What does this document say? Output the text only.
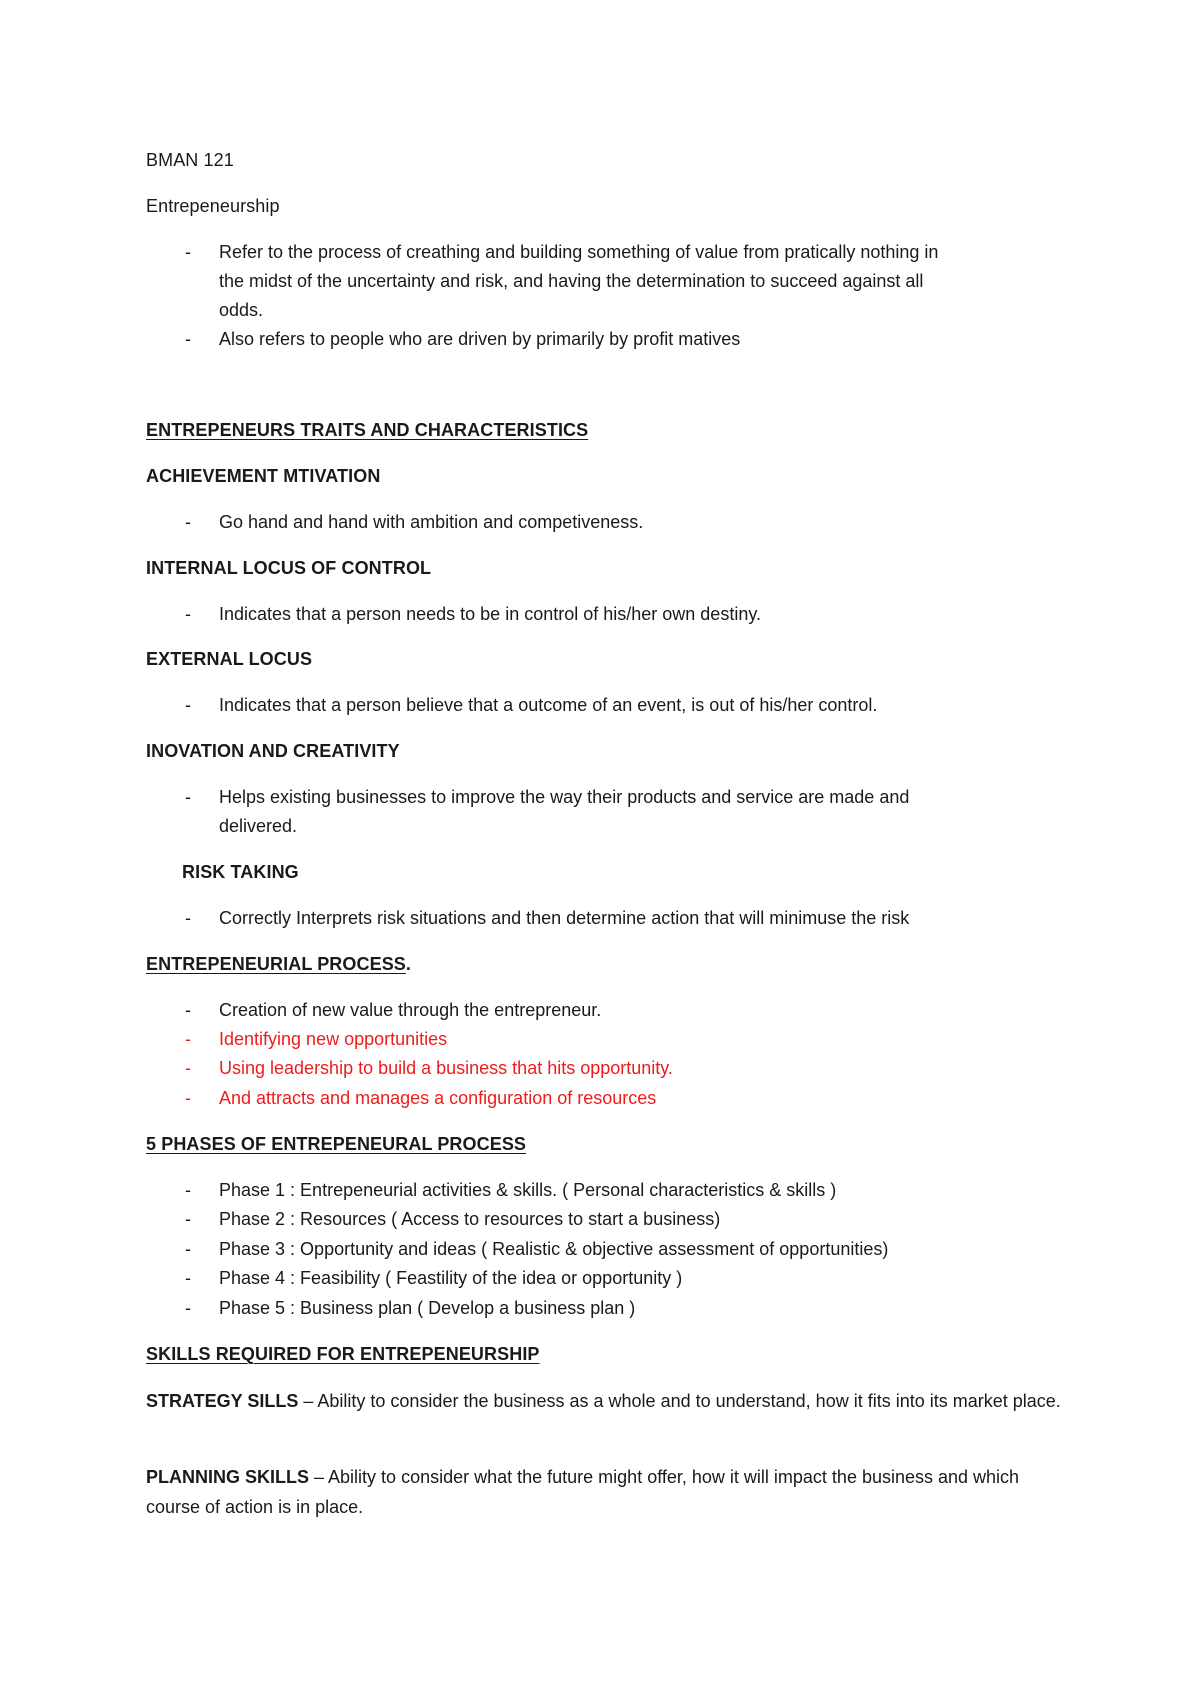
BMAN 121
Entrepeneurship
- Refer to the process of creathing and building something of value from pratically nothing in
the midst of the uncertainty and risk, and having the determination to succeed against all
odds.
- Also refers to people who are driven by primarily by profit matives
ENTREPENEURS TRAITS AND CHARACTERISTICS
ACHIEVEMENT MTIVATION
- Go hand and hand with ambition and competiveness.
INTERNAL LOCUS OF CONTROL
- Indicates that a person needs to be in control of his/her own destiny.
EXTERNAL LOCUS
- Indicates that a person believe that a outcome of an event, is out of his/her control.
INOVATION AND CREATIVITY
- Helps existing businesses to improve the way their products and service are made and
delivered.
RISK TAKING
- Correctly Interprets risk situations and then determine action that will minimuse the risk
ENTREPENEURIAL PROCESS.
- Creation of new value through the entrepreneur.
- Identifying new opportunities
- Using leadership to build a business that hits opportunity.
- And attracts and manages a configuration of resources
5 PHASES OF ENTREPENEURAL PROCESS
- Phase 1 : Entrepeneurial activities & skills. ( Personal characteristics & skills )
- Phase 2 : Resources ( Access to resources to start a business)
- Phase 3 : Opportunity and ideas ( Realistic & objective assessment of opportunities)
- Phase 4 : Feasibility ( Feastility of the idea or opportunity )
- Phase 5 : Business plan ( Develop a business plan )
SKILLS REQUIRED FOR ENTREPENEURSHIP
STRATEGY SILLS – Ability to consider the business as a whole and to understand, how it fits into its market place.
PLANNING SKILLS – Ability to consider what the future might offer, how it will impact the business and which course of action is in place.
